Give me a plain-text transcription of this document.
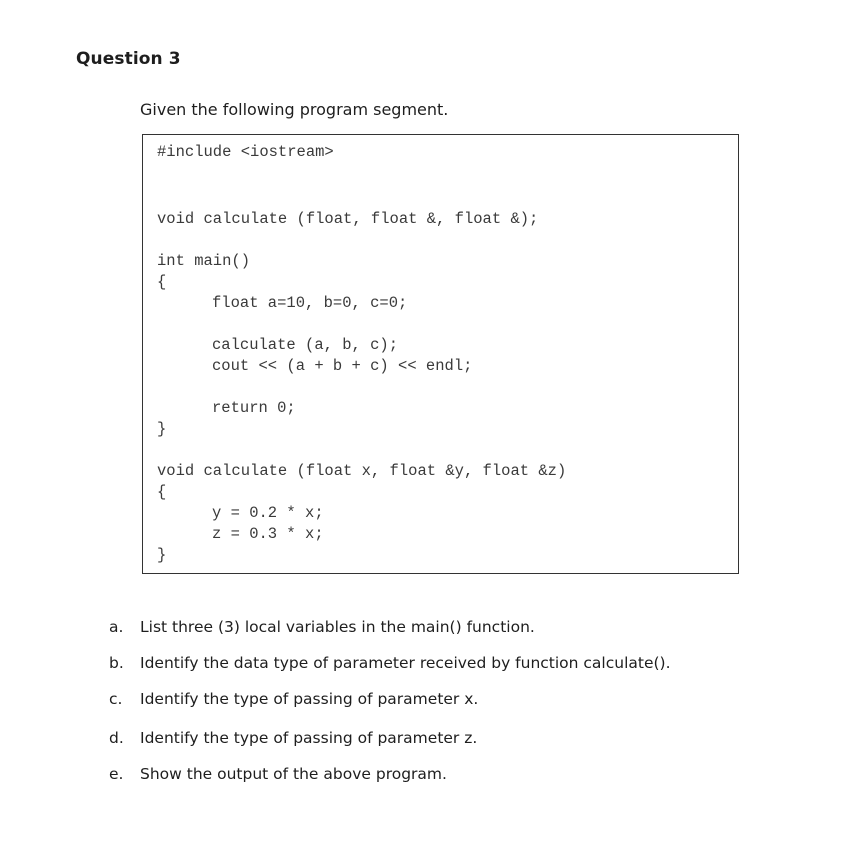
Question 3
Given the following program segment.
#include <iostream>
void calculate (float, float &, float &);
int main()
{
float a=10, b=0, c=0;
calculate (a, b, c);
cout << (a + b + c) << endl;
return 0;
}
void calculate (float x, float &y, float &z)
{
y = 0.2 * x;
z = 0.3 * x;
}
a. List three (3) local variables in the main() function.
b. Identify the data type of parameter received by function calculate().
c. Identify the type of passing of parameter x.
d. Identify the type of passing of parameter z.
e. Show the output of the above program.
